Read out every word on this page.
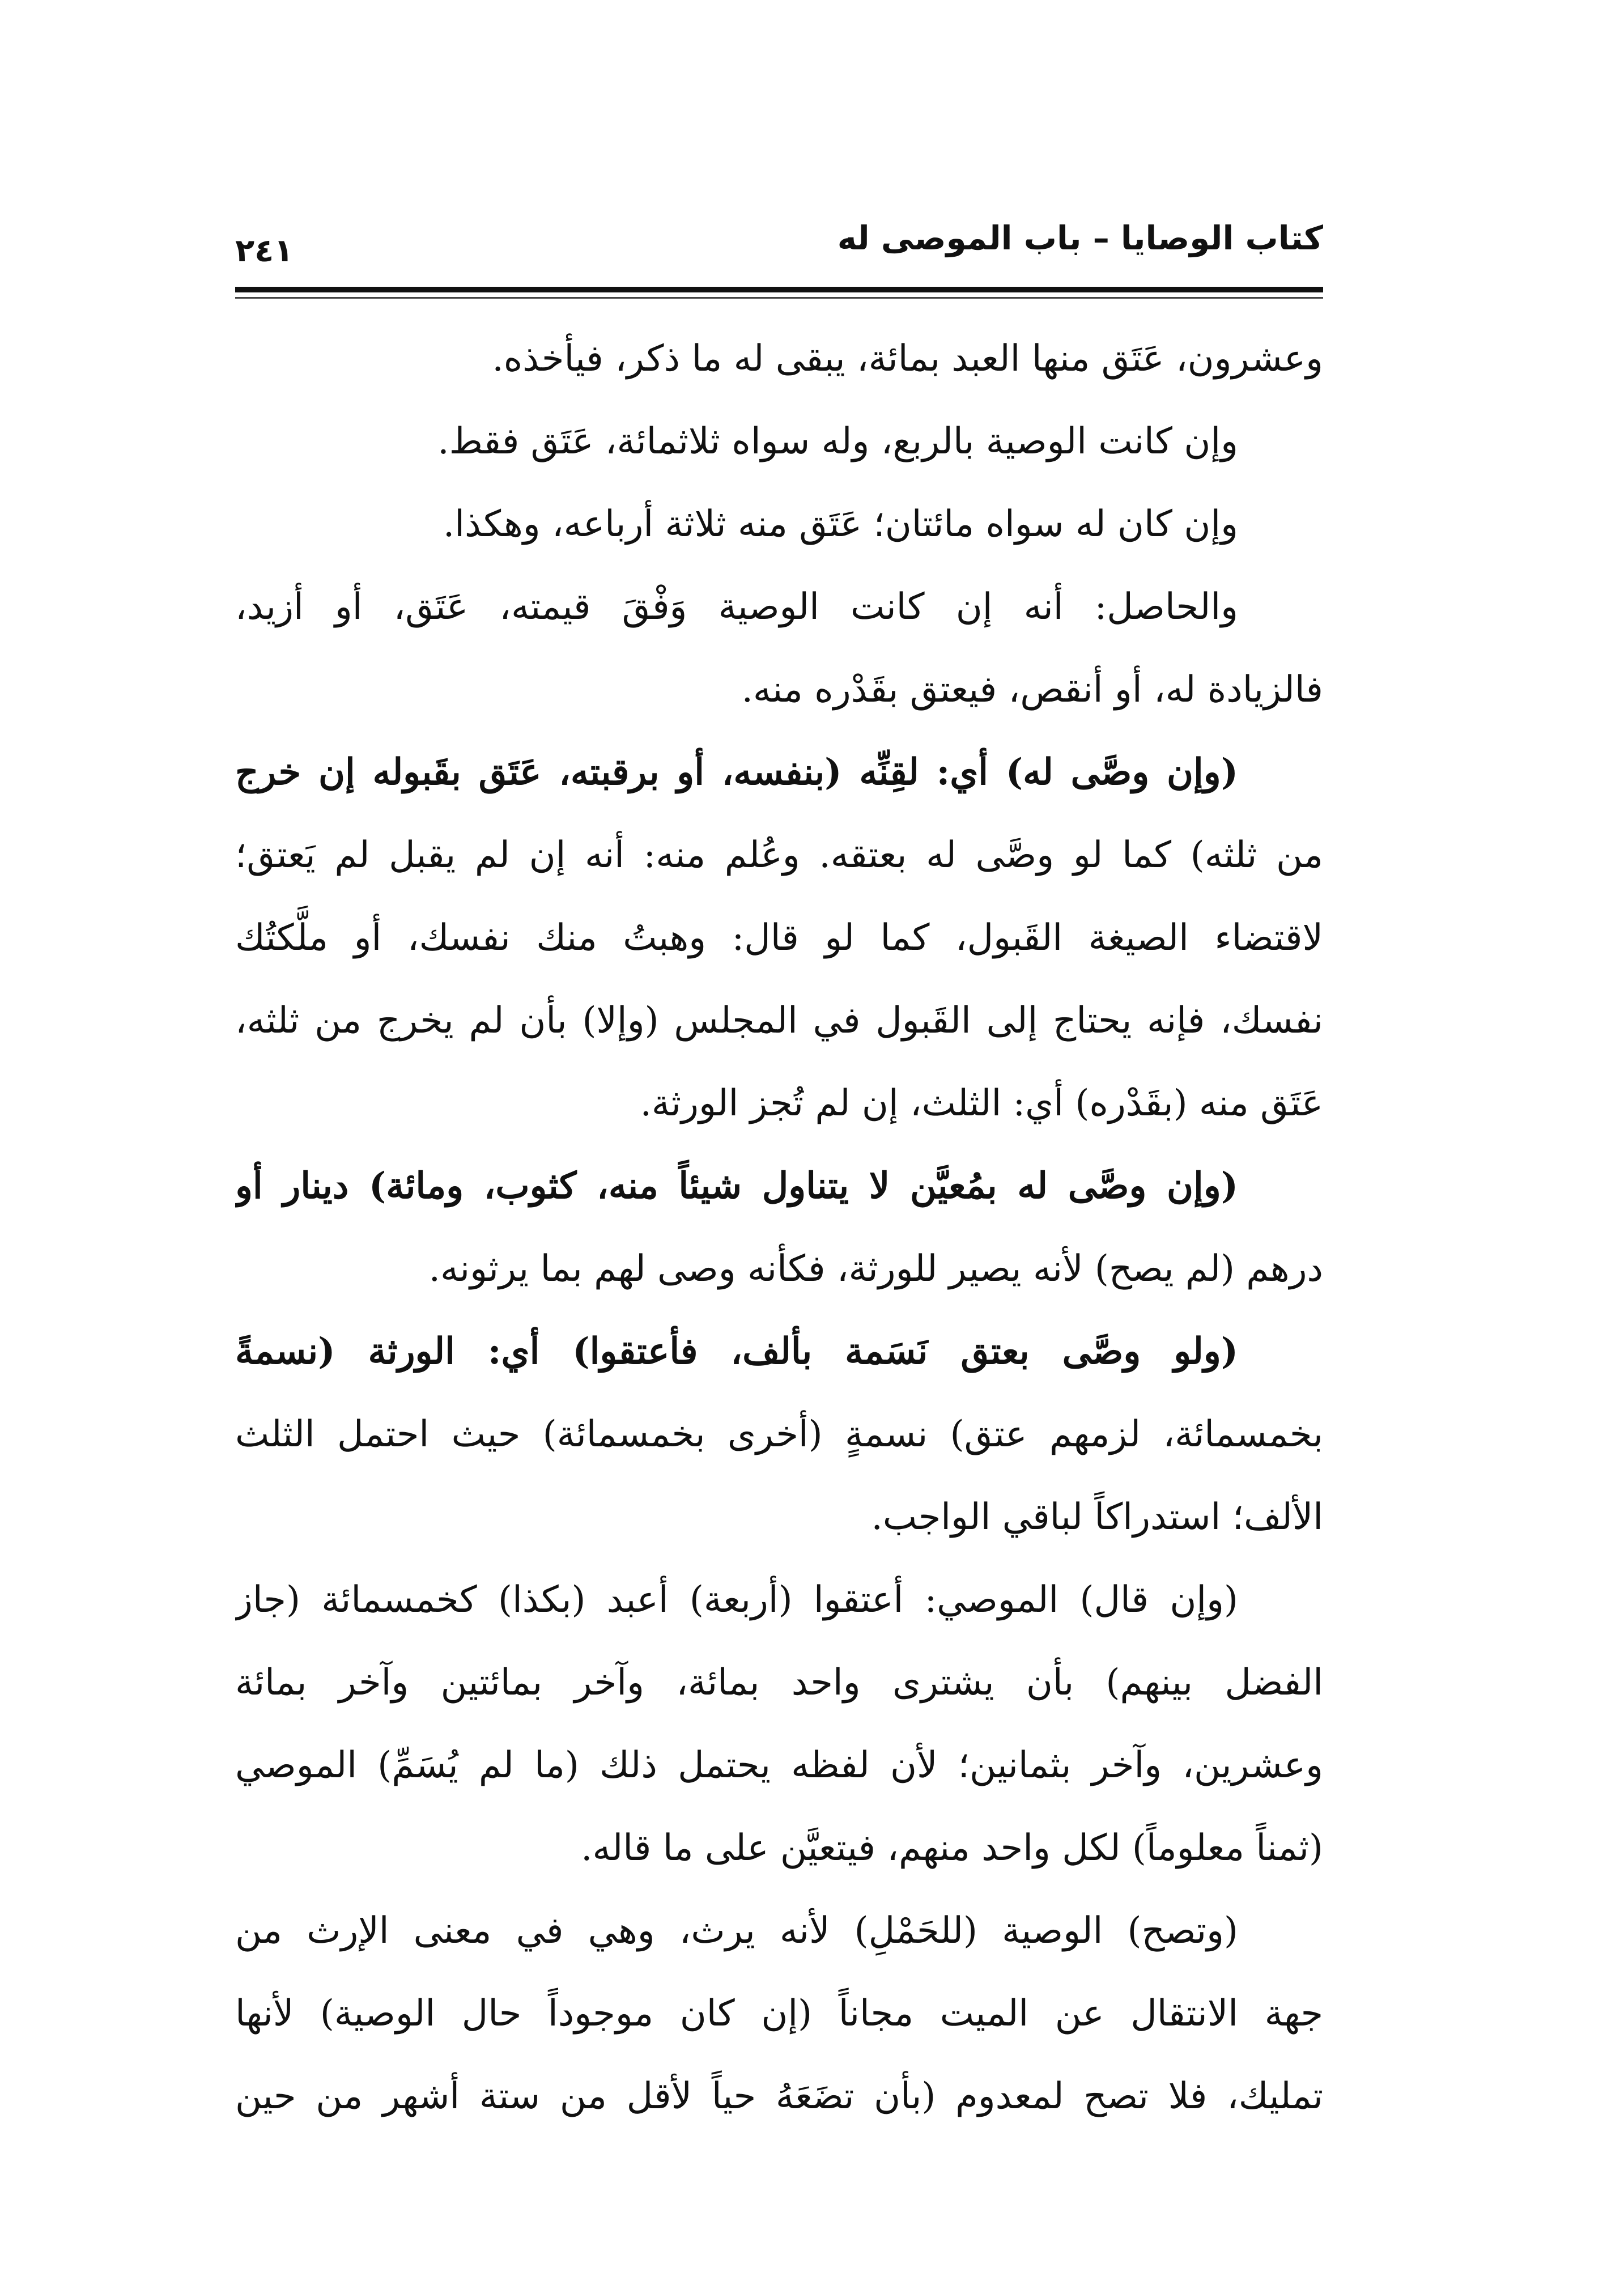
كتاب الوصايا – باب الموصى له
٢٤١
وعشرون، عَتَق منها العبد بمائة، يبقى له ما ذكر، فيأخذه.
وإن كانت الوصية بالربع، وله سواه ثلاثمائة، عَتَق فقط.
وإن كان له سواه مائتان؛ عَتَق منه ثلاثة أرباعه، وهكذا.
والحاصل: أنه إن كانت الوصية وَفْقَ قيمته، عَتَق، أو أزيد،
فالزيادة له، أو أنقص، فيعتق بقَدْره منه.
(وإن وصَّى له) أي: لقِنِّه (بنفسه، أو برقبته، عَتَق بقَبوله إن خرج
من ثلثه) كما لو وصَّى له بعتقه. وعُلم منه: أنه إن لم يقبل لم يَعتق؛
لاقتضاء الصيغة القَبول، كما لو قال: وهبتُ منك نفسك، أو ملَّكتُك
نفسك، فإنه يحتاج إلى القَبول في المجلس (وإلا) بأن لم يخرج من ثلثه،
عَتَق منه (بقَدْره) أي: الثلث، إن لم تُجز الورثة.
(وإن وصَّى له بمُعيَّن لا يتناول شيئاً منه، كثوب، ومائة) دينار أو
درهم (لم يصح) لأنه يصير للورثة، فكأنه وصى لهم بما يرثونه.
(ولو وصَّى بعتق نَسَمة بألف، فأعتقوا) أي: الورثة (نسمةً
بخمسمائة، لزمهم عتق) نسمةٍ (أخرى بخمسمائة) حيث احتمل الثلث
الألف؛ استدراكاً لباقي الواجب.
(وإن قال) الموصي: أعتقوا (أربعة) أعبد (بكذا) كخمسمائة (جاز
الفضل بينهم) بأن يشترى واحد بمائة، وآخر بمائتين وآخر بمائة
وعشرين، وآخر بثمانين؛ لأن لفظه يحتمل ذلك (ما لم يُسَمِّ) الموصي
(ثمناً معلوماً) لكل واحد منهم، فيتعيَّن على ما قاله.
(وتصح) الوصية (للحَمْلِ) لأنه يرث، وهي في معنى الإرث من
جهة الانتقال عن الميت مجاناً (إن كان موجوداً حال الوصية) لأنها
تمليك، فلا تصح لمعدوم (بأن تضَعَهُ حياً لأقل من ستة أشهر من حين
